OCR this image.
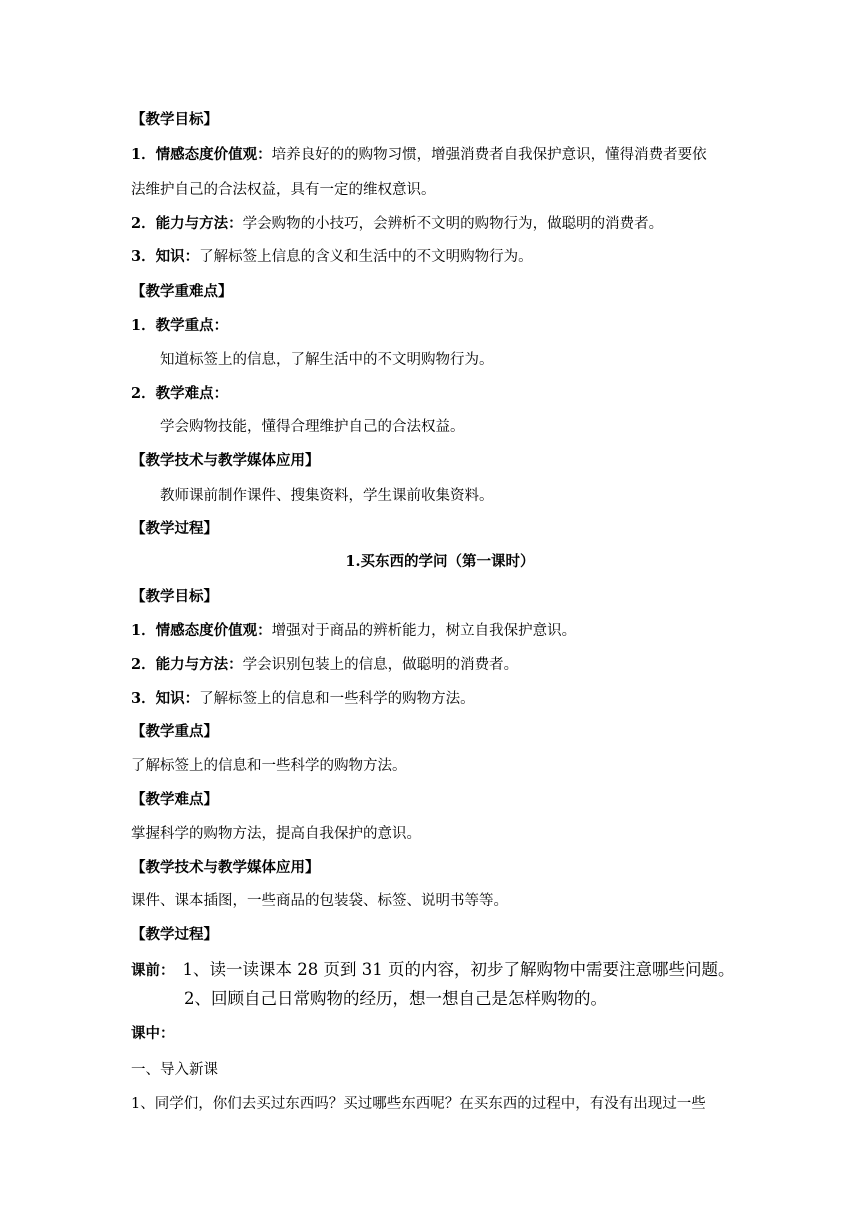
【教学目标】
1．情感态度价值观：培养良好的的购物习惯，增强消费者自我保护意识，懂得消费者要依
法维护自己的合法权益，具有一定的维权意识。
2．能力与方法：学会购物的小技巧，会辨析不文明的购物行为，做聪明的消费者。
3．知识：了解标签上信息的含义和生活中的不文明购物行为。
【教学重难点】
1．教学重点：
知道标签上的信息，了解生活中的不文明购物行为。
2．教学难点：
学会购物技能，懂得合理维护自己的合法权益。
【教学技术与教学媒体应用】
教师课前制作课件、搜集资料，学生课前收集资料。
【教学过程】
1.买东西的学问（第一课时）
【教学目标】
1．情感态度价值观：增强对于商品的辨析能力，树立自我保护意识。
2．能力与方法：学会识别包装上的信息，做聪明的消费者。
3．知识：了解标签上的信息和一些科学的购物方法。
【教学重点】
了解标签上的信息和一些科学的购物方法。
【教学难点】
掌握科学的购物方法，提高自我保护的意识。
【教学技术与教学媒体应用】
课件、课本插图，一些商品的包装袋、标签、说明书等等。
【教学过程】
课前： 1、读一读课本 28 页到 31 页的内容，初步了解购物中需要注意哪些问题。
2、回顾自己日常购物的经历，想一想自己是怎样购物的。
课中：
一、导入新课
1、同学们，你们去买过东西吗？买过哪些东西呢？在买东西的过程中，有没有出现过一些
